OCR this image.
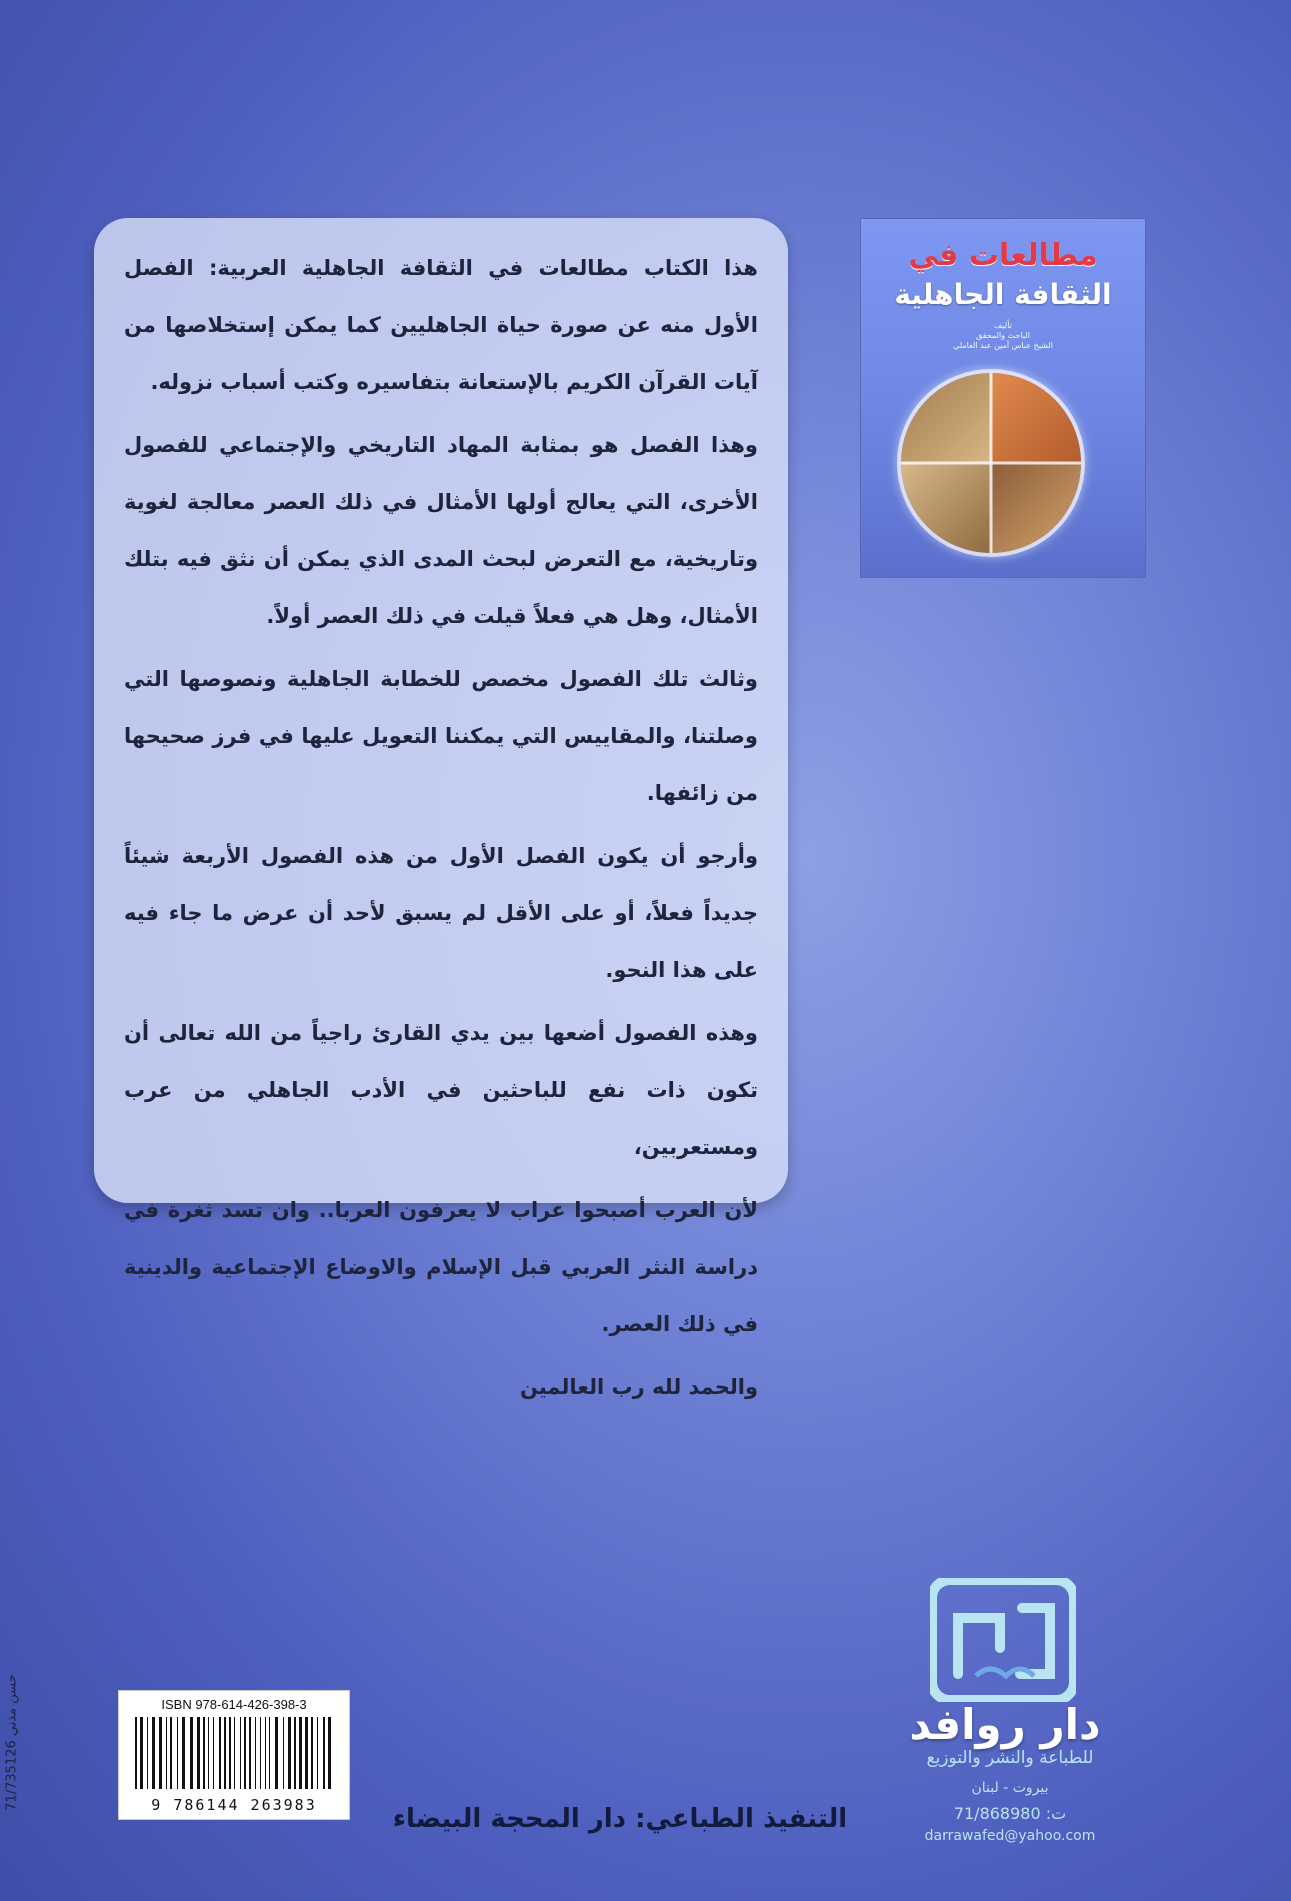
هذا الكتاب مطالعات في الثقافة الجاهلية العربية: الفصل الأول منه عن صورة حياة الجاهليين كما يمكن إستخلاصها من آيات القرآن الكريم بالإستعانة بتفاسيره وكتب أسباب نزوله.

وهذا الفصل هو بمثابة المهاد التاريخي والإجتماعي للفصول الأخرى، التي يعالج أولها الأمثال في ذلك العصر معالجة لغوية وتاريخية، مع التعرض لبحث المدى الذي يمكن أن نثق فيه بتلك الأمثال، وهل هي فعلاً قيلت في ذلك العصر أولاً.

وثالث تلك الفصول مخصص للخطابة الجاهلية ونصوصها التي وصلتنا، والمقاييس التي يمكننا التعويل عليها في فرز صحيحها من زائفها.

وأرجو أن يكون الفصل الأول من هذه الفصول الأربعة شيئاً جديداً فعلاً، أو على الأقل لم يسبق لأحد أن عرض ما جاء فيه على هذا النحو.

وهذه الفصول أضعها بين يدي القارئ راجياً من الله تعالى أن تكون ذات نفع للباحثين في الأدب الجاهلي من عرب ومستعربين،

لأن العرب أصبحوا عراب لا يعرفون العربا.. وان تسد ثغرة في دراسة النثر العربي قبل الإسلام والاوضاع الإجتماعية والدينية في ذلك العصر.

والحمد لله رب العالمين

مطالعات في
الثقافة الجاهلية
تأليف
الباحث والمحقق
الشيخ عباس أمين عبد العاملي
دار روافد
للطباعة والنشر والتوزيع
بيروت - لبنان
ت: 71/868980
darrawafed@yahoo.com
التنفيذ الطباعي: دار المحجة البيضاء
ISBN 978-614-426-398-3
9 786144 263983
حسن مدني 71/735126
